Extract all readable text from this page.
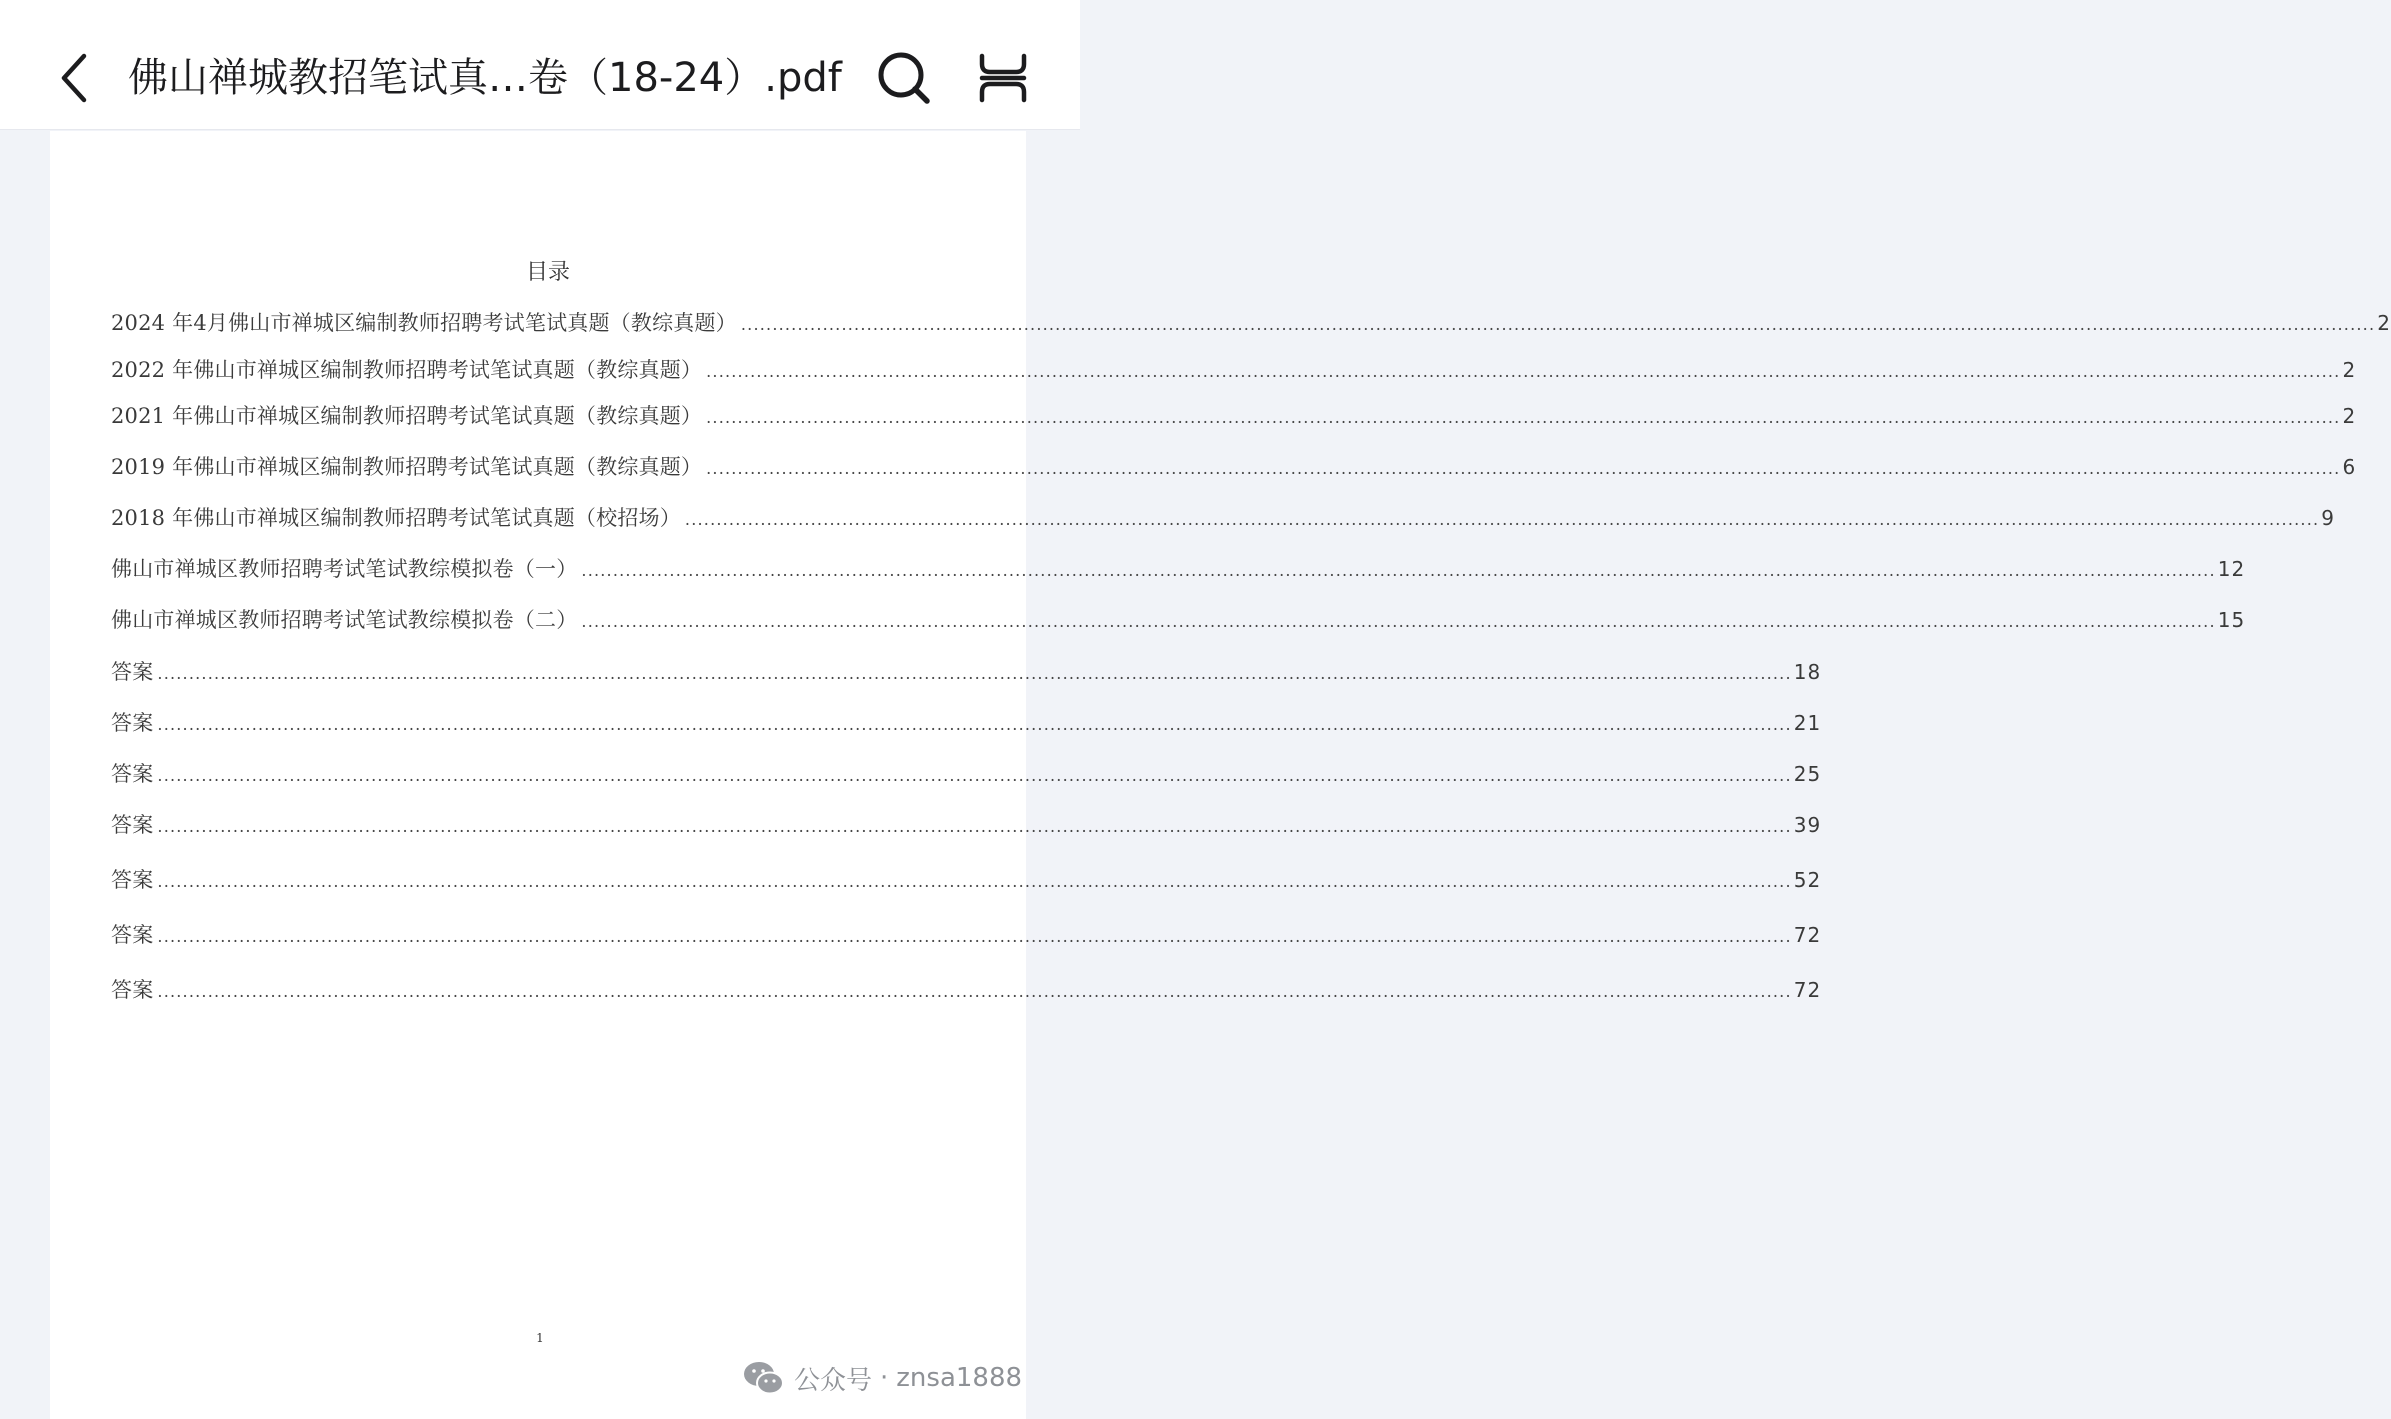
佛山禅城教招笔试真…卷（18-24）.pdf
目录
2024 年4月佛山市禅城区编制教师招聘考试笔试真题（教综真题） .................................................................................................................................................................................................................................................................... 2
2022 年佛山市禅城区编制教师招聘考试笔试真题（教综真题） .................................................................................................................................................................................................................................................................... 2
2021 年佛山市禅城区编制教师招聘考试笔试真题（教综真题） .................................................................................................................................................................................................................................................................... 2
2019 年佛山市禅城区编制教师招聘考试笔试真题（教综真题） .................................................................................................................................................................................................................................................................... 6
2018 年佛山市禅城区编制教师招聘考试笔试真题（校招场） .................................................................................................................................................................................................................................................................... 9
佛山市禅城区教师招聘考试笔试教综模拟卷（一） .................................................................................................................................................................................................................................................................... 12
佛山市禅城区教师招聘考试笔试教综模拟卷（二） .................................................................................................................................................................................................................................................................... 15
答案 .................................................................................................................................................................................................................................................................... 18
答案 .................................................................................................................................................................................................................................................................... 21
答案 .................................................................................................................................................................................................................................................................... 25
答案 .................................................................................................................................................................................................................................................................... 39
答案 .................................................................................................................................................................................................................................................................... 52
答案 .................................................................................................................................................................................................................................................................... 72
答案 .................................................................................................................................................................................................................................................................... 72
1
公众号 · znsa1888
